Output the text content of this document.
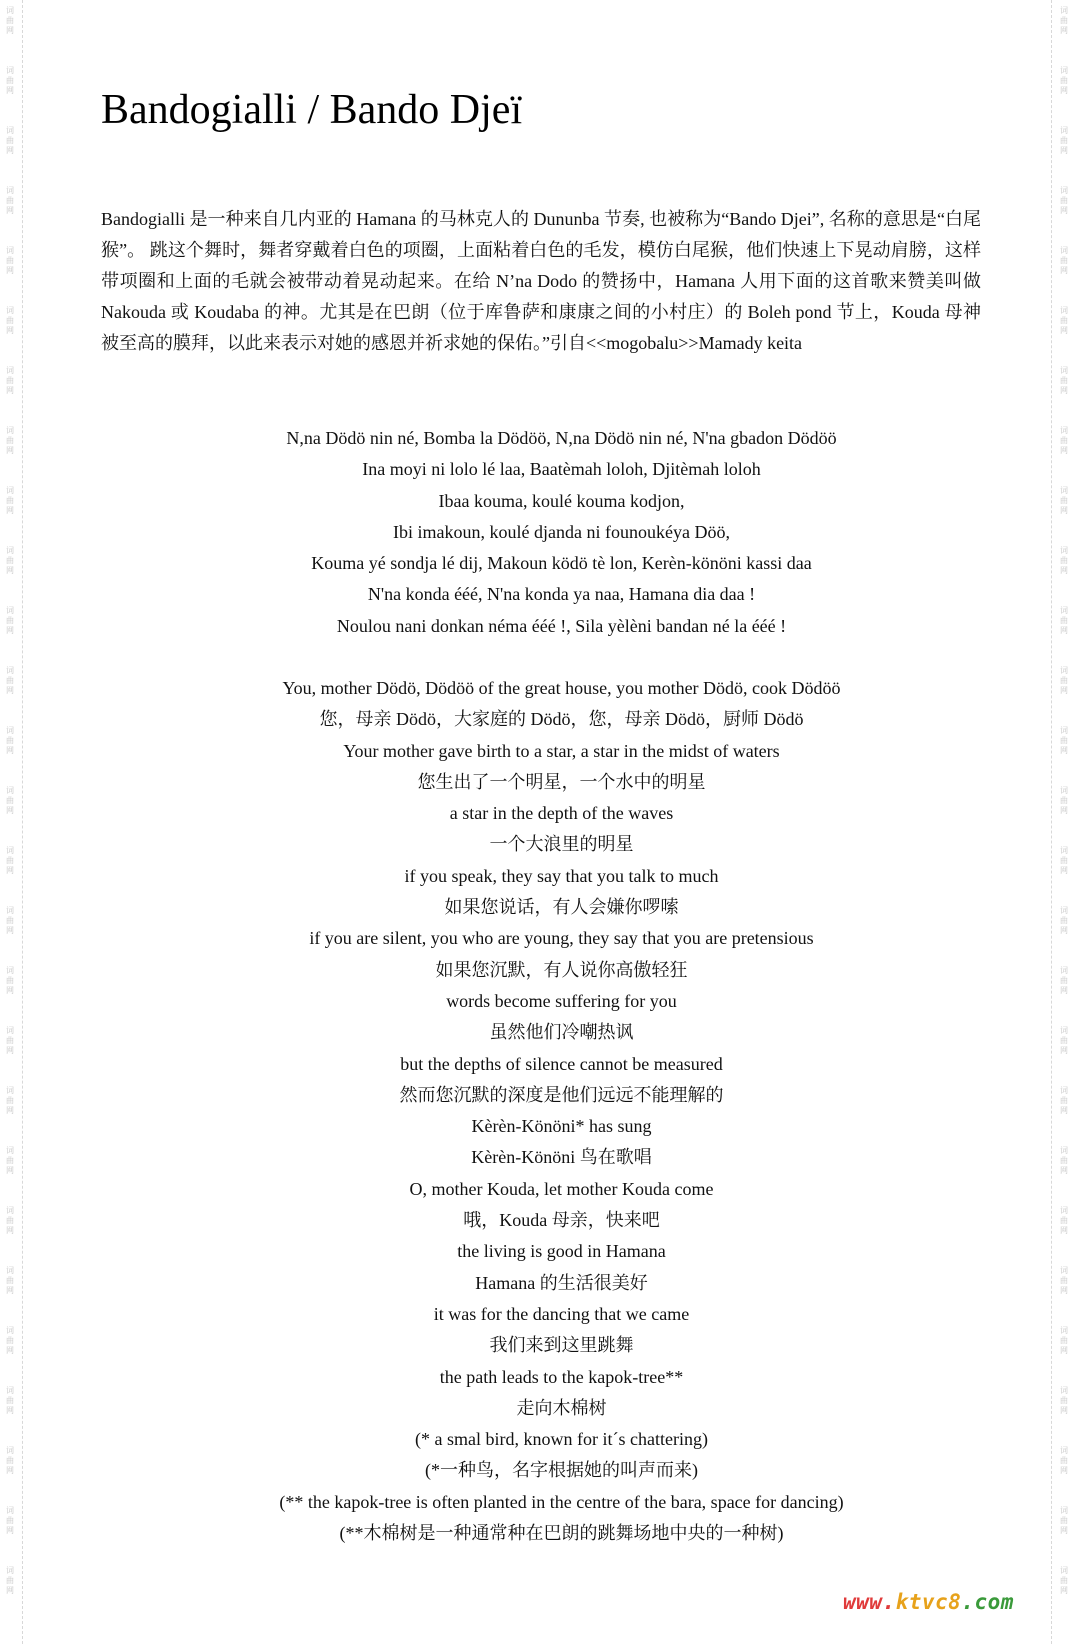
词曲网
词曲网
词曲网
词曲网
词曲网
词曲网
词曲网
词曲网
词曲网
词曲网
词曲网
词曲网
词曲网
词曲网
词曲网
词曲网
词曲网
词曲网
词曲网
词曲网
词曲网
词曲网
词曲网
词曲网
词曲网
词曲网
词曲网
词曲网
词曲网
词曲网
词曲网
词曲网
词曲网
词曲网
词曲网
词曲网
词曲网
词曲网
词曲网
词曲网
词曲网
词曲网
词曲网
词曲网
词曲网
词曲网
词曲网
词曲网
词曲网
词曲网
词曲网
词曲网
词曲网
词曲网
Bandogialli / Bando Djeï

Bandogialli 是一种来自几内亚的 Hamana 的马林克人的 Dununba 节奏, 也被称为“Bando Djei”, 名称的意思是“白尾猴”。 跳这个舞时，舞者穿戴着白色的项圈，上面粘着白色的毛发，模仿白尾猴，他们快速上下晃动肩膀，这样带项圈和上面的毛就会被带动着晃动起来。在给 N’na Dodo 的赞扬中，Hamana 人用下面的这首歌来赞美叫做 Nakouda 或 Koudaba 的神。尤其是在巴朗（位于库鲁萨和康康之间的小村庄）的 Boleh pond 节上，Kouda 母神被至高的膜拜，以此来表示对她的感恩并祈求她的保佑。”引自<<mogobalu>>Mamady keita

N,na Dödö nin né, Bomba la Dödöö, N,na Dödö nin né, N'na gbadon Dödöö
Ina moyi ni lolo lé laa, Baatèmah loloh, Djitèmah loloh
Ibaa kouma, koulé kouma kodjon,
Ibi imakoun, koulé djanda ni founoukéya Döö,
Kouma yé sondja lé dij, Makoun ködö tè lon, Kerèn-könöni kassi daa
N'na konda ééé, N'na konda ya naa, Hamana dia daa !
Noulou nani donkan néma ééé !, Sila yèlèni bandan né la ééé !
You, mother Dödö, Dödöö of the great house, you mother Dödö, cook Dödöö
您，母亲 Dödö，大家庭的 Dödö，您，母亲 Dödö，厨师 Dödö
Your mother gave birth to a star, a star in the midst of waters
您生出了一个明星，一个水中的明星
a star in the depth of the waves
一个大浪里的明星
if you speak, they say that you talk to much
如果您说话，有人会嫌你啰嗦
if you are silent, you who are young, they say that you are pretensious
如果您沉默，有人说你高傲轻狂
words become suffering for you
虽然他们冷嘲热讽
but the depths of silence cannot be measured
然而您沉默的深度是他们远远不能理解的
Kèrèn-Könöni* has sung
Kèrèn-Könöni 鸟在歌唱
O, mother Kouda, let mother Kouda come
哦，Kouda 母亲，快来吧
the living is good in Hamana
Hamana 的生活很美好
it was for the dancing that we came
我们来到这里跳舞
the path leads to the kapok-tree**
走向木棉树
(* a smal bird, known for it´s chattering)
(*一种鸟，名字根据她的叫声而来)
(** the kapok-tree is often planted in the centre of the bara, space for dancing)
(**木棉树是一种通常种在巴朗的跳舞场地中央的一种树)
www.ktvc8.com
